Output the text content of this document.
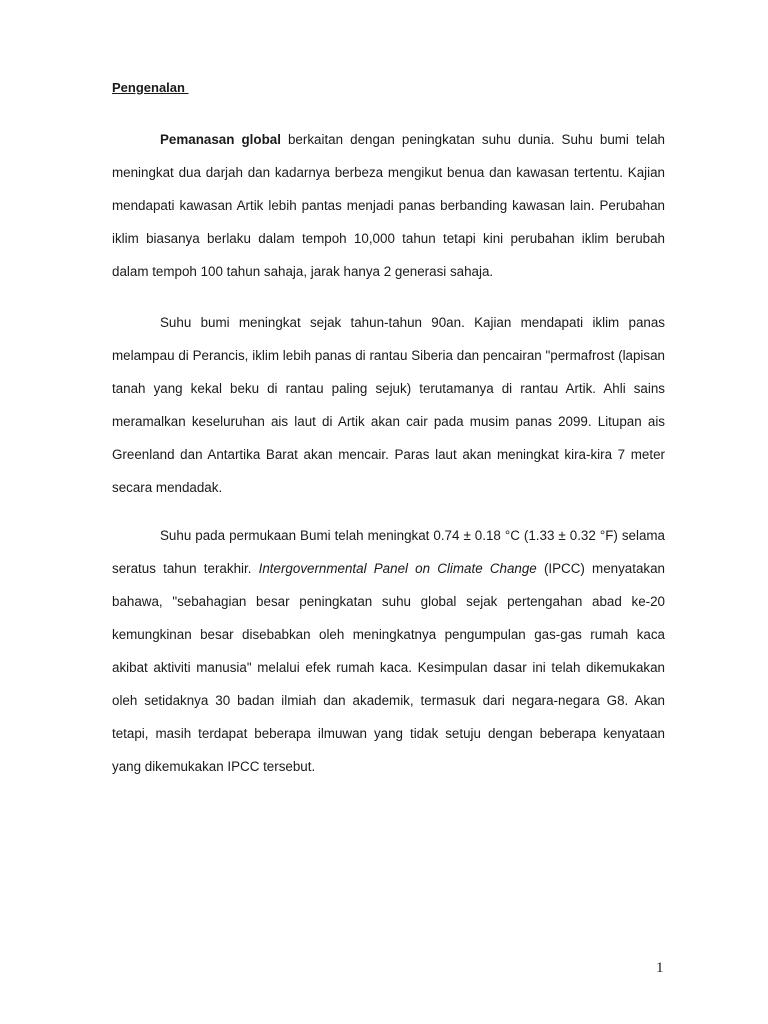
Pengenalan

Pemanasan global berkaitan dengan peningkatan suhu dunia. Suhu bumi telah meningkat dua darjah dan kadarnya berbeza mengikut benua dan kawasan tertentu. Kajian mendapati kawasan Artik lebih pantas menjadi panas berbanding kawasan lain. Perubahan iklim biasanya berlaku dalam tempoh 10,000 tahun tetapi kini perubahan iklim berubah dalam tempoh 100 tahun sahaja, jarak hanya 2 generasi sahaja.

Suhu bumi meningkat sejak tahun-tahun 90an. Kajian mendapati iklim panas melampau di Perancis, iklim lebih panas di rantau Siberia dan pencairan "permafrost (lapisan tanah yang kekal beku di rantau paling sejuk) terutamanya di rantau Artik. Ahli sains meramalkan keseluruhan ais laut di Artik akan cair pada musim panas 2099. Litupan ais Greenland dan Antartika Barat akan mencair. Paras laut akan meningkat kira-kira 7 meter secara mendadak.

Suhu pada permukaan Bumi telah meningkat 0.74 ± 0.18 °C (1.33 ± 0.32 °F) selama seratus tahun terakhir. Intergovernmental Panel on Climate Change (IPCC) menyatakan bahawa, "sebahagian besar peningkatan suhu global sejak pertengahan abad ke-20 kemungkinan besar disebabkan oleh meningkatnya pengumpulan gas-gas rumah kaca akibat aktiviti manusia" melalui efek rumah kaca. Kesimpulan dasar ini telah dikemukakan oleh setidaknya 30 badan ilmiah dan akademik, termasuk dari negara-negara G8. Akan tetapi, masih terdapat beberapa ilmuwan yang tidak setuju dengan beberapa kenyataan yang dikemukakan IPCC tersebut.

1
